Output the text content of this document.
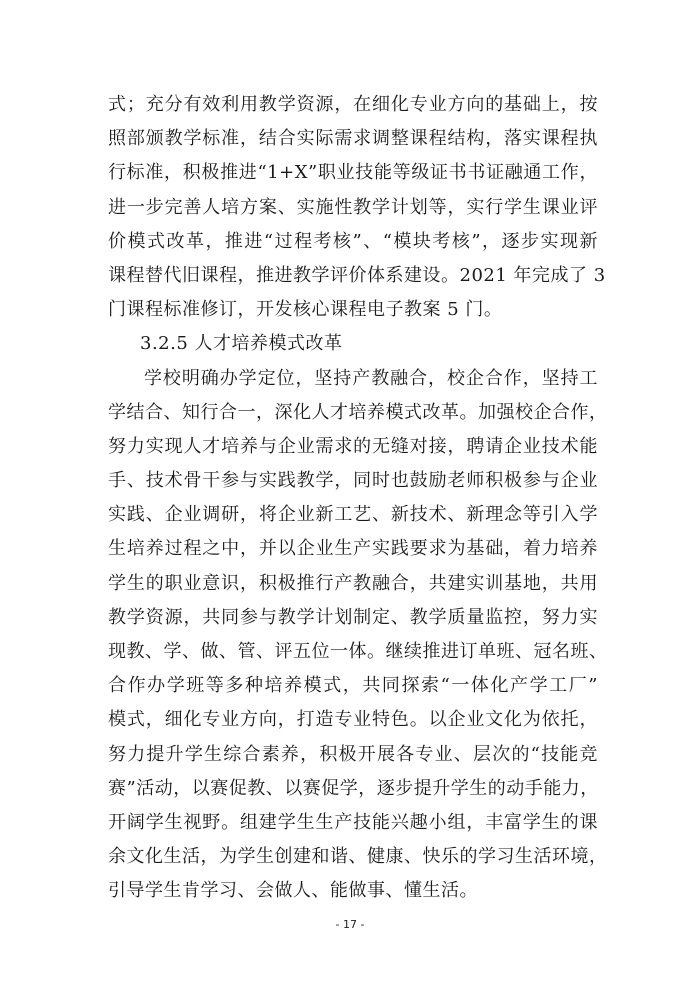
式；充分有效利用教学资源，在细化专业方向的基础上，按
照部颁教学标准，结合实际需求调整课程结构，落实课程执
行标准，积极推进“1+X”职业技能等级证书书证融通工作，
进一步完善人培方案、实施性教学计划等，实行学生课业评
价模式改革，推进“过程考核”、“模块考核”，逐步实现新
课程替代旧课程，推进教学评价体系建设。2021 年完成了 3
门课程标准修订，开发核心课程电子教案 5 门。
3.2.5 人才培养模式改革
学校明确办学定位，坚持产教融合，校企合作，坚持工
学结合、知行合一，深化人才培养模式改革。加强校企合作，
努力实现人才培养与企业需求的无缝对接，聘请企业技术能
手、技术骨干参与实践教学，同时也鼓励老师积极参与企业
实践、企业调研，将企业新工艺、新技术、新理念等引入学
生培养过程之中，并以企业生产实践要求为基础，着力培养
学生的职业意识，积极推行产教融合，共建实训基地，共用
教学资源，共同参与教学计划制定、教学质量监控，努力实
现教、学、做、管、评五位一体。继续推进订单班、冠名班、
合作办学班等多种培养模式，共同探索“一体化产学工厂”
模式，细化专业方向，打造专业特色。以企业文化为依托，
努力提升学生综合素养，积极开展各专业、层次的“技能竞
赛”活动，以赛促教、以赛促学，逐步提升学生的动手能力，
开阔学生视野。组建学生生产技能兴趣小组，丰富学生的课
余文化生活，为学生创建和谐、健康、快乐的学习生活环境，
引导学生肯学习、会做人、能做事、懂生活。
- 17 -
